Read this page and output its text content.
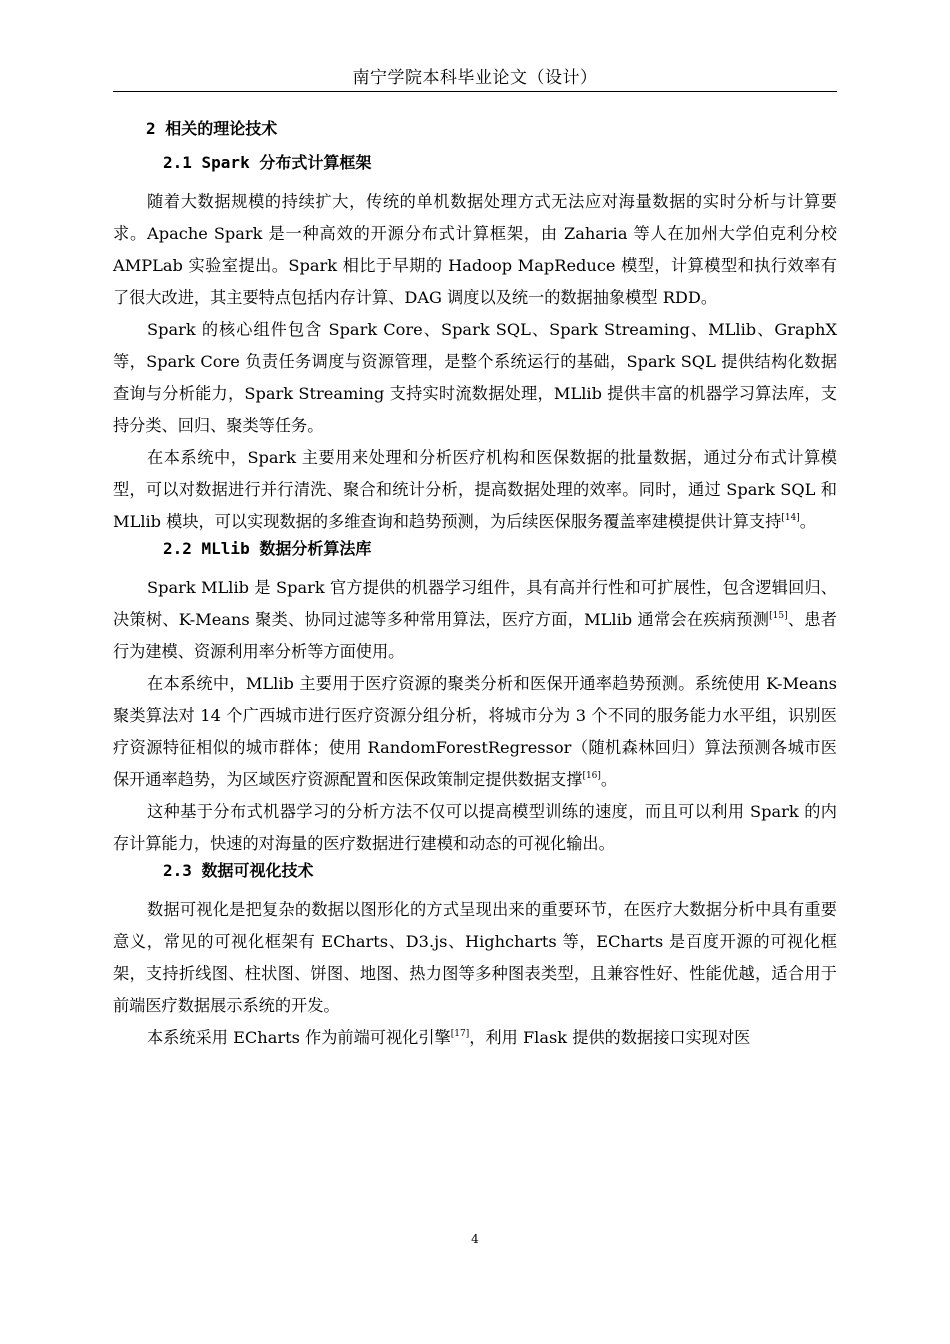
南宁学院本科毕业论文（设计）
2 相关的理论技术
2.1 Spark 分布式计算框架

随着大数据规模的持续扩大，传统的单机数据处理方式无法应对海量数据的实时分析与计算要求。Apache Spark 是一种高效的开源分布式计算框架，由 Zaharia 等人在加州大学伯克利分校 AMPLab 实验室提出。Spark 相比于早期的 Hadoop MapReduce 模型，计算模型和执行效率有了很大改进，其主要特点包括内存计算、DAG 调度以及统一的数据抽象模型 RDD。

Spark 的核心组件包含 Spark Core、Spark SQL、Spark Streaming、MLlib、GraphX 等，Spark Core 负责任务调度与资源管理，是整个系统运行的基础，Spark SQL 提供结构化数据查询与分析能力，Spark Streaming 支持实时流数据处理，MLlib 提供丰富的机器学习算法库，支持分类、回归、聚类等任务。

在本系统中，Spark 主要用来处理和分析医疗机构和医保数据的批量数据，通过分布式计算模型，可以对数据进行并行清洗、聚合和统计分析，提高数据处理的效率。同时，通过 Spark SQL 和 MLlib 模块，可以实现数据的多维查询和趋势预测，为后续医保服务覆盖率建模提供计算支持[14]。

2.2 MLlib 数据分析算法库

Spark MLlib 是 Spark 官方提供的机器学习组件，具有高并行性和可扩展性，包含逻辑回归、决策树、K-Means 聚类、协同过滤等多种常用算法，医疗方面，MLlib 通常会在疾病预测[15]、患者行为建模、资源利用率分析等方面使用。

在本系统中，MLlib 主要用于医疗资源的聚类分析和医保开通率趋势预测。系统使用 K-Means 聚类算法对 14 个广西城市进行医疗资源分组分析，将城市分为 3 个不同的服务能力水平组，识别医疗资源特征相似的城市群体；使用 RandomForestRegressor（随机森林回归）算法预测各城市医保开通率趋势，为区域医疗资源配置和医保政策制定提供数据支撑[16]。

这种基于分布式机器学习的分析方法不仅可以提高模型训练的速度，而且可以利用 Spark 的内存计算能力，快速的对海量的医疗数据进行建模和动态的可视化输出。

2.3 数据可视化技术

数据可视化是把复杂的数据以图形化的方式呈现出来的重要环节，在医疗大数据分析中具有重要意义，常见的可视化框架有 ECharts、D3.js、Highcharts 等，ECharts 是百度开源的可视化框架，支持折线图、柱状图、饼图、地图、热力图等多种图表类型，且兼容性好、性能优越，适合用于前端医疗数据展示系统的开发。

本系统采用 ECharts 作为前端可视化引擎[17]，利用 Flask 提供的数据接口实现对医

4
